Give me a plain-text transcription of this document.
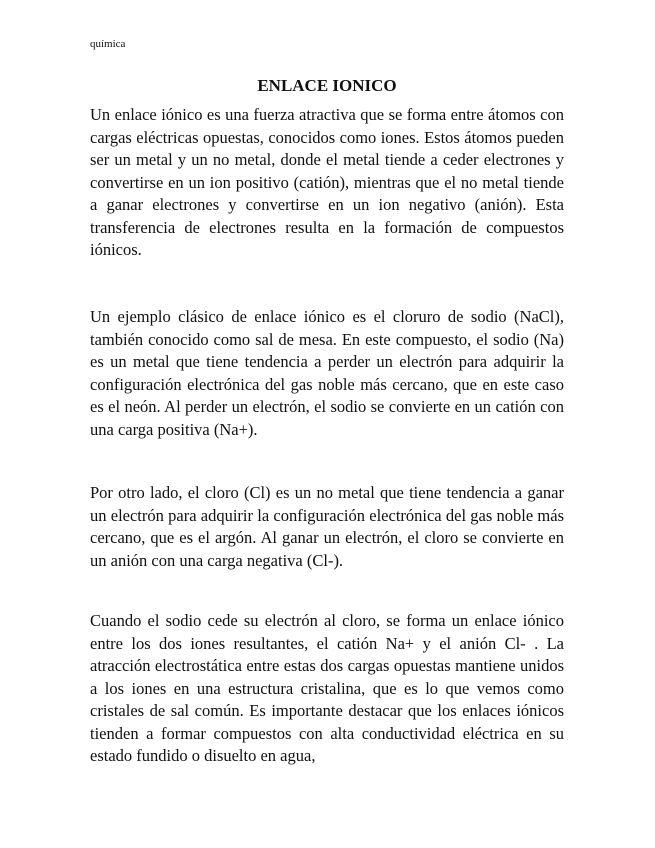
química
ENLACE IONICO

Un enlace iónico es una fuerza atractiva que se forma entre átomos con cargas eléctricas opuestas, conocidos como iones. Estos átomos pueden ser un metal y un no metal, donde el metal tiende a ceder electrones y convertirse en un ion positivo (catión), mientras que el no metal tiende a ganar electrones y convertirse en un ion negativo (anión). Esta transferencia de electrones resulta en la formación de compuestos iónicos.

Un ejemplo clásico de enlace iónico es el cloruro de sodio (NaCl), también conocido como sal de mesa. En este compuesto, el sodio (Na) es un metal que tiene tendencia a perder un electrón para adquirir la configuración electrónica del gas noble más cercano, que en este caso es el neón. Al perder un electrón, el sodio se convierte en un catión con una carga positiva (Na+).

Por otro lado, el cloro (Cl) es un no metal que tiene tendencia a ganar un electrón para adquirir la configuración electrónica del gas noble más cercano, que es el argón. Al ganar un electrón, el cloro se convierte en un anión con una carga negativa (Cl-).

Cuando el sodio cede su electrón al cloro, se forma un enlace iónico entre los dos iones resultantes, el catión Na+ y el anión Cl- . La atracción electrostática entre estas dos cargas opuestas mantiene unidos a los iones en una estructura cristalina, que es lo que vemos como cristales de sal común. Es importante destacar que los enlaces iónicos tienden a formar compuestos con alta conductividad eléctrica en su estado fundido o disuelto en agua,
